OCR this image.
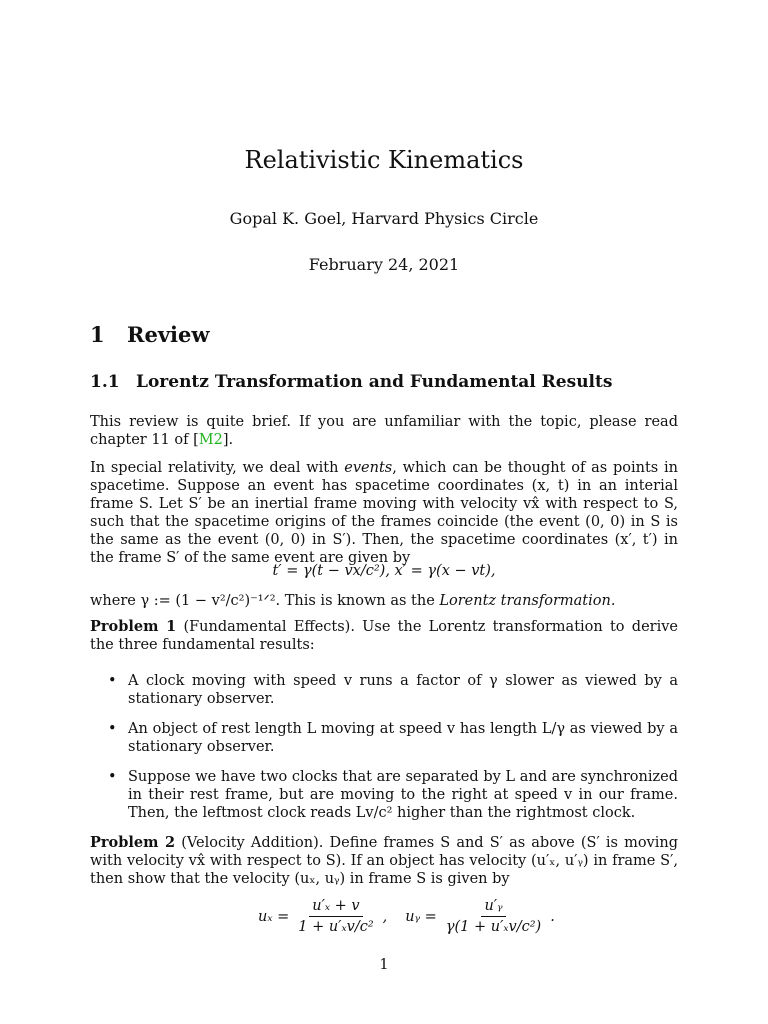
Relativistic Kinematics
Gopal K. Goel, Harvard Physics Circle
February 24, 2021
1 Review
1.1 Lorentz Transformation and Fundamental Results

This review is quite brief. If you are unfamiliar with the topic, please read chapter 11 of [M2].

In special relativity, we deal with events, which can be thought of as points in spacetime. Suppose an event has spacetime coordinates (x, t) in an interial frame S. Let S′ be an inertial frame moving with velocity vx̂ with respect to S, such that the spacetime origins of the frames coincide (the event (0, 0) in S is the same as the event (0, 0) in S′). Then, the spacetime coordinates (x′, t′) in the frame S′ of the same event are given by

t′ = γ(t − vx/c²), x′ = γ(x − vt),

where γ := (1 − v²/c²)⁻¹ᐟ². This is known as the Lorentz transformation.

Problem 1 (Fundamental Effects). Use the Lorentz transformation to derive the three fundamental results:

• A clock moving with speed v runs a factor of γ slower as viewed by a stationary observer.
• An object of rest length L moving at speed v has length L/γ as viewed by a stationary observer.
• Suppose we have two clocks that are separated by L and are synchronized in their rest frame, but are moving to the right at speed v in our frame. Then, the leftmost clock reads Lv/c² higher than the rightmost clock.

Problem 2 (Velocity Addition). Define frames S and S′ as above (S′ is moving with velocity vx̂ with respect to S). If an object has velocity (u′ₓ, u′ᵧ) in frame S′, then show that the velocity (uₓ, uᵧ) in frame S is given by

$u_x = \frac{\text{u′ₓ + v}}{\text{1 + u′ₓv/c²}}$ , uᵧ = $\frac{\text{u′ᵧ}}{\text{γ(1 + u′ₓv/c²)}}$ .
1
